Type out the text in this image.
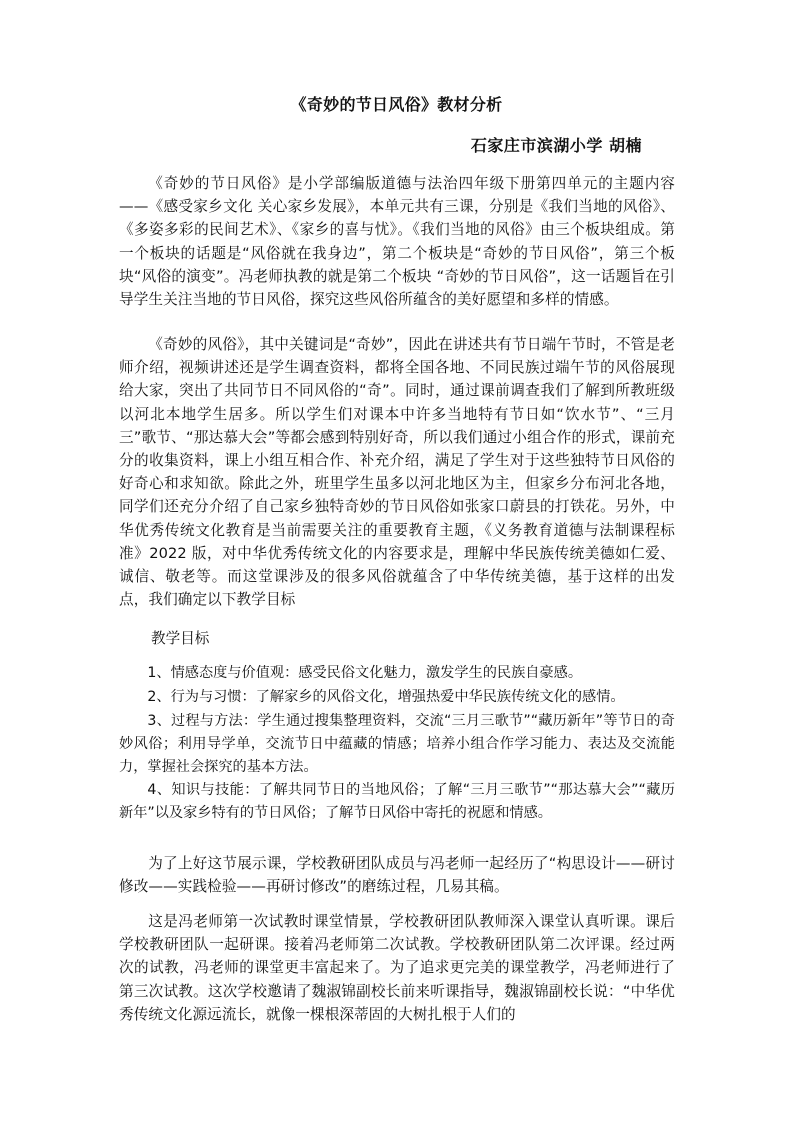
《奇妙的节日风俗》教材分析
石家庄市滨湖小学 胡楠
《奇妙的节日风俗》是小学部编版道德与法治四年级下册第四单元的主题内容——《感受家乡文化 关心家乡发展》，本单元共有三课，分别是《我们当地的风俗》、《多姿多彩的民间艺术》、《家乡的喜与忧》。《我们当地的风俗》由三个板块组成。第一个板块的话题是“风俗就在我身边”，第二个板块是“奇妙的节日风俗”，第三个板块“风俗的演变”。冯老师执教的就是第二个板块 “奇妙的节日风俗”，这一话题旨在引导学生关注当地的节日风俗，探究这些风俗所蕴含的美好愿望和多样的情感。
《奇妙的风俗》，其中关键词是“奇妙”，因此在讲述共有节日端午节时，不管是老师介绍，视频讲述还是学生调查资料，都将全国各地、不同民族过端午节的风俗展现给大家，突出了共同节日不同风俗的“奇”。同时，通过课前调查我们了解到所教班级以河北本地学生居多。所以学生们对课本中许多当地特有节日如“饮水节”、“三月三”歌节、“那达慕大会”等都会感到特别好奇，所以我们通过小组合作的形式，课前充分的收集资料，课上小组互相合作、补充介绍，满足了学生对于这些独特节日风俗的好奇心和求知欲。除此之外，班里学生虽多以河北地区为主，但家乡分布河北各地，同学们还充分介绍了自己家乡独特奇妙的节日风俗如张家口蔚县的打铁花。另外，中华优秀传统文化教育是当前需要关注的重要教育主题，《义务教育道德与法制课程标准》2022 版，对中华优秀传统文化的内容要求是，理解中华民族传统美德如仁爱、诚信、敬老等。而这堂课涉及的很多风俗就蕴含了中华传统美德，基于这样的出发点，我们确定以下教学目标
教学目标
1、情感态度与价值观：感受民俗文化魅力，激发学生的民族自豪感。
2、行为与习惯：了解家乡的风俗文化，增强热爱中华民族传统文化的感情。
3、过程与方法：学生通过搜集整理资料，交流“三月三歌节”“藏历新年”等节日的奇妙风俗；利用导学单，交流节日中蕴藏的情感；培养小组合作学习能力、表达及交流能力，掌握社会探究的基本方法。
4、知识与技能：了解共同节日的当地风俗；了解“三月三歌节”“那达慕大会”“藏历新年”以及家乡特有的节日风俗；了解节日风俗中寄托的祝愿和情感。
为了上好这节展示课，学校教研团队成员与冯老师一起经历了“构思设计——研讨修改——实践检验——再研讨修改”的磨练过程，几易其稿。
这是冯老师第一次试教时课堂情景，学校教研团队教师深入课堂认真听课。课后学校教研团队一起研课。接着冯老师第二次试教。学校教研团队第二次评课。经过两次的试教，冯老师的课堂更丰富起来了。为了追求更完美的课堂教学，冯老师进行了第三次试教。这次学校邀请了魏淑锦副校长前来听课指导，魏淑锦副校长说：“中华优秀传统文化源远流长，就像一棵根深蒂固的大树扎根于人们的
